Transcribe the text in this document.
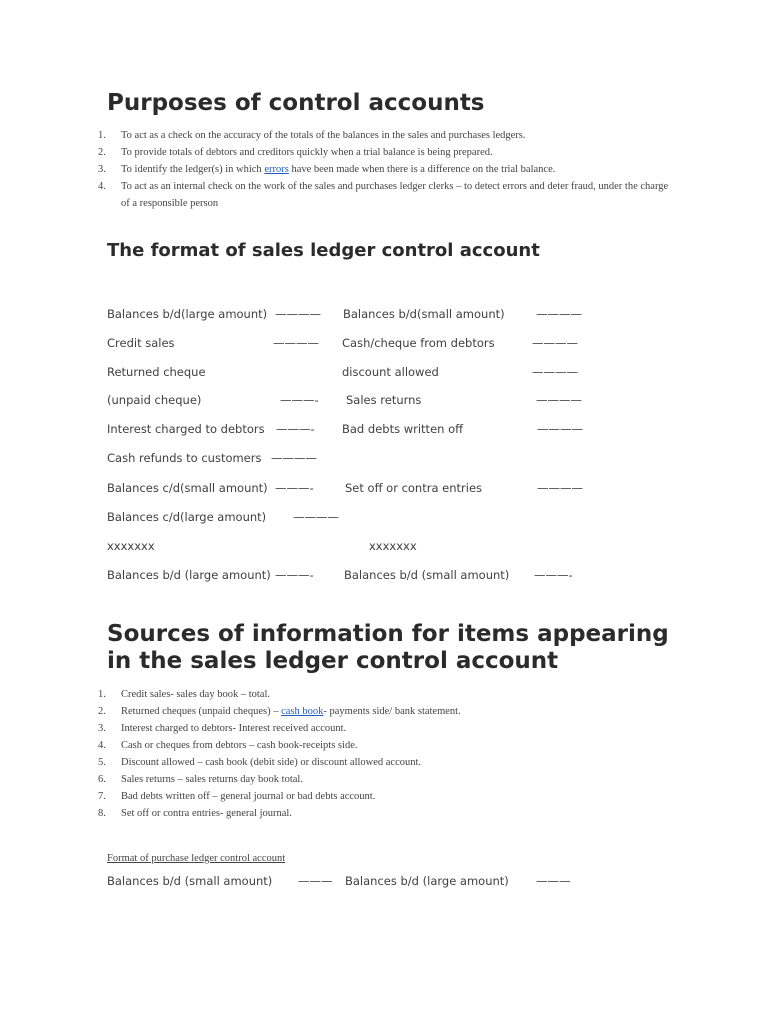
Purposes of control accounts
1. To act as a check on the accuracy of the totals of the balances in the sales and purchases ledgers.
2. To provide totals of debtors and creditors quickly when a trial balance is being prepared.
3. To identify the ledger(s) in which errors have been made when there is a difference on the trial balance.
4. To act as an internal check on the work of the sales and purchases ledger clerks – to detect errors and deter fraud, under the charge of a responsible person
The format of sales ledger control account
Balances b/d(large amount) ———— Balances b/d(small amount)	————
Credit sales	———— Cash/cheque from debtors	————
Returned cheque	discount allowed	————
(unpaid cheque)	———- Sales returns	————
Interest charged to debtors ———- Bad debts written off	————
Cash refunds to customers ————
Balances c/d(small amount) ———-	Set off or contra entries	————
Balances c/d(large amount) ————
xxxxxxx	xxxxxxx
Balances b/d (large amount) ———-	Balances b/d (small amount) ———-
Sources of information for items appearing
in the sales ledger control account
1. Credit sales- sales day book – total.
2. Returned cheques (unpaid cheques) – cash book- payments side/ bank statement.
3. Interest charged to debtors- Interest received account.
4. Cash or cheques from debtors – cash book-receipts side.
5. Discount allowed – cash book (debit side) or discount allowed account.
6. Sales returns – sales returns day book total.
7. Bad debts written off – general journal or bad debts account.
8. Set off or contra entries- general journal.
Format of purchase ledger control account
Balances b/d (small amount) ——— Balances b/d (large amount) ———
